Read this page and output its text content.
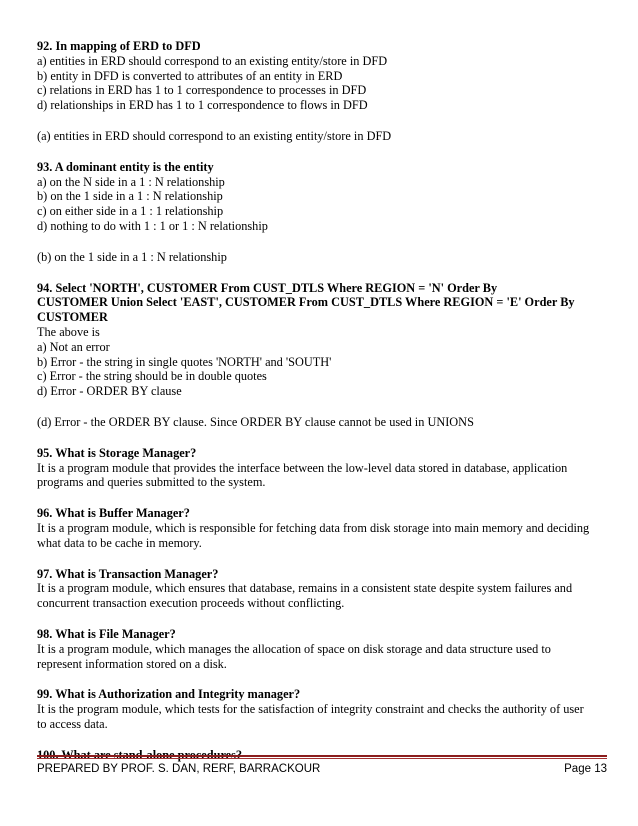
92. In mapping of ERD to DFD
a) entities in ERD should correspond to an existing entity/store in DFD
b) entity in DFD is converted to attributes of an entity in ERD
c) relations in ERD has 1 to 1 correspondence to processes in DFD
d) relationships in ERD has 1 to 1 correspondence to flows in DFD
(a) entities in ERD should correspond to an existing entity/store in DFD
93. A dominant entity is the entity
a) on the N side in a 1 : N relationship
b) on the 1 side in a 1 : N relationship
c) on either side in a 1 : 1 relationship
d) nothing to do with 1 : 1 or 1 : N relationship
(b) on the 1 side in a 1 : N relationship
94. Select 'NORTH', CUSTOMER From CUST_DTLS Where REGION = 'N' Order By
CUSTOMER Union Select 'EAST', CUSTOMER From CUST_DTLS Where REGION = 'E' Order By
CUSTOMER
The above is
a) Not an error
b) Error - the string in single quotes 'NORTH' and 'SOUTH'
c) Error - the string should be in double quotes
d) Error - ORDER BY clause
(d) Error - the ORDER BY clause. Since ORDER BY clause cannot be used in UNIONS
95. What is Storage Manager?
It is a program module that provides the interface between the low-level data stored in database, application
programs and queries submitted to the system.
96. What is Buffer Manager?
It is a program module, which is responsible for fetching data from disk storage into main memory and deciding
what data to be cache in memory.
97. What is Transaction Manager?
It is a program module, which ensures that database, remains in a consistent state despite system failures and
concurrent transaction execution proceeds without conflicting.
98. What is File Manager?
It is a program module, which manages the allocation of space on disk storage and data structure used to
represent information stored on a disk.
99. What is Authorization and Integrity manager?
It is the program module, which tests for the satisfaction of integrity constraint and checks the authority of user
to access data.
PREPARED BY PROF. S. DAN, RERF, BARRACKOUR	Page 13
